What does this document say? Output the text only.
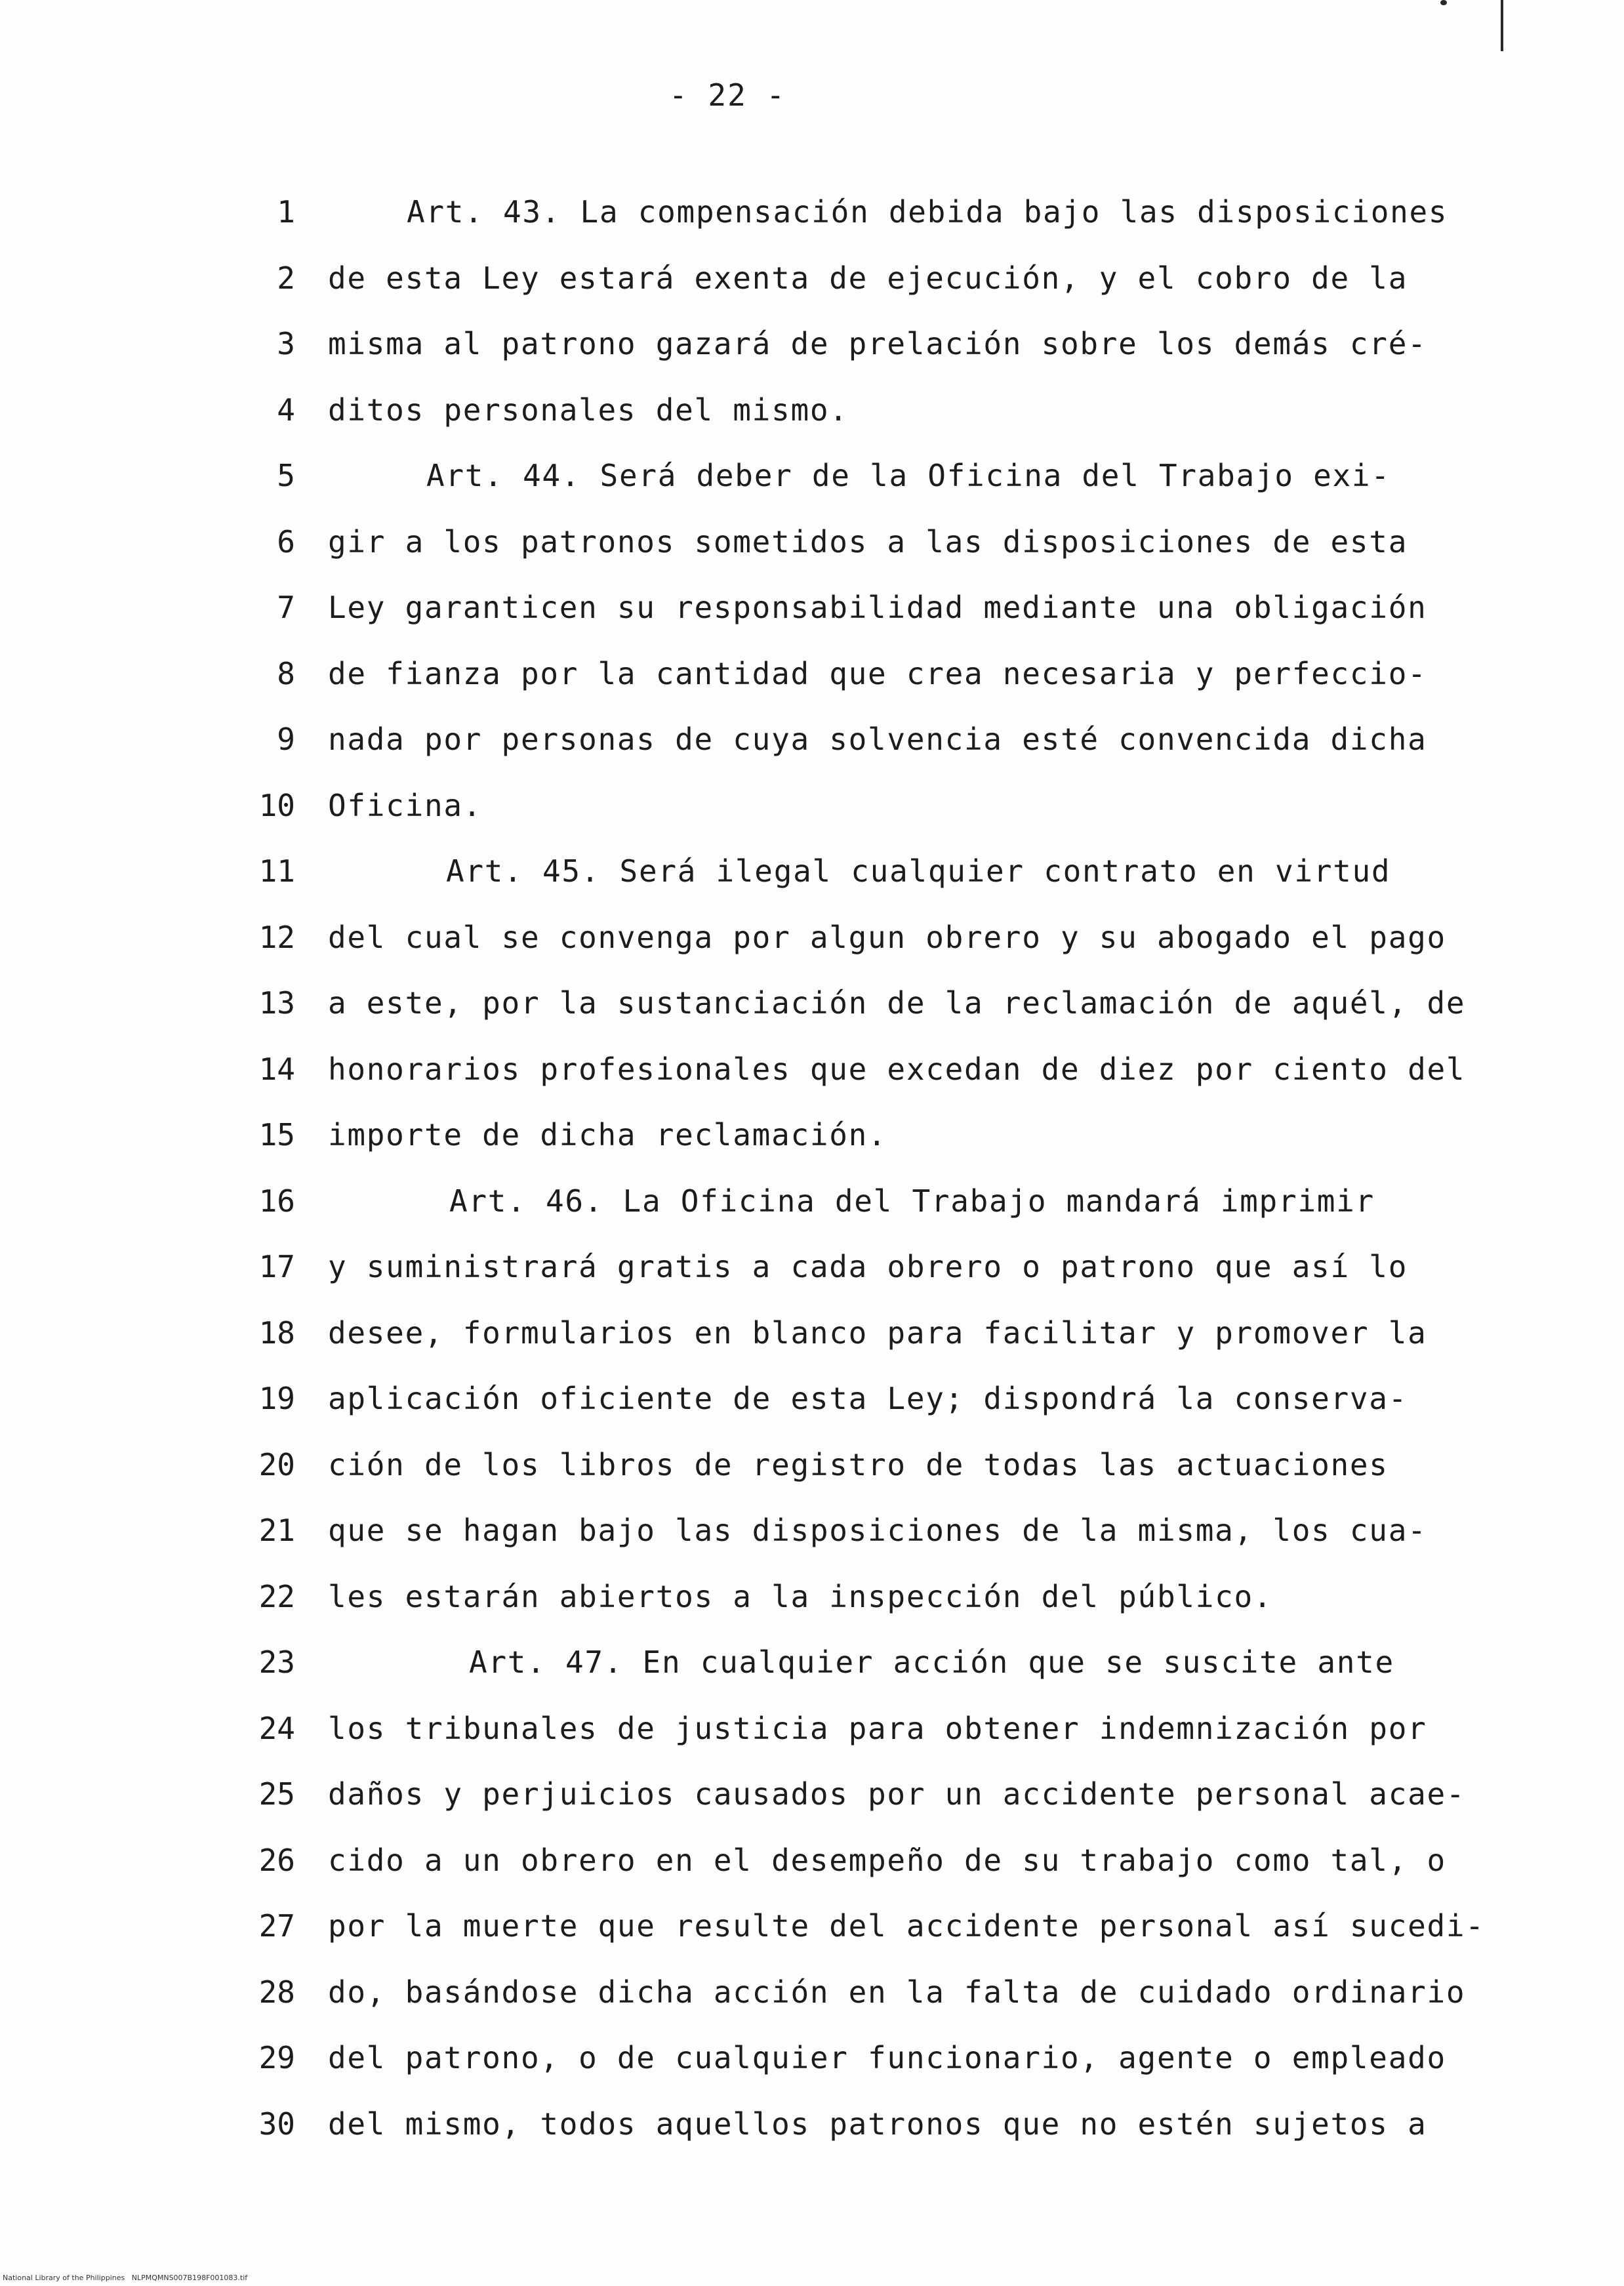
- 22 -
1	Art. 43. La compensación debida bajo las disposiciones
2 de esta Ley estará exenta de ejecución, y el cobro de la
3 misma al patrono gazará de prelación sobre los demás cré-
4 ditos personales del mismo.
5	Art. 44. Será deber de la Oficina del Trabajo exi-
6 gir a los patronos sometidos a las disposiciones de esta
7 Ley garanticen su responsabilidad mediante una obligación
8 de fianza por la cantidad que crea necesaria y perfeccio-
9 nada por personas de cuya solvencia esté convencida dicha
10 Oficina.
11	Art. 45. Será ilegal cualquier contrato en virtud
12 del cual se convenga por algun obrero y su abogado el pago
13 a este, por la sustanciación de la reclamación de aquél, de
14 honorarios profesionales que excedan de diez por ciento del
15 importe de dicha reclamación.
16	Art. 46. La Oficina del Trabajo mandará imprimir
17 y suministrará gratis a cada obrero o patrono que así lo
18 desee, formularios en blanco para facilitar y promover la
19 aplicación oficiente de esta Ley; dispondrá la conserva-
20 ción de los libros de registro de todas las actuaciones
21 que se hagan bajo las disposiciones de la misma, los cua-
22 les estarán abiertos a la inspección del público.
23	Art. 47. En cualquier acción que se suscite ante
24 los tribunales de justicia para obtener indemnización por
25 daños y perjuicios causados por un accidente personal acae-
26 cido a un obrero en el desempeño de su trabajo como tal, o
27 por la muerte que resulte del accidente personal así sucedi-
28 do, basándose dicha acción en la falta de cuidado ordinario
29 del patrono, o de cualquier funcionario, agente o empleado
30 del mismo, todos aquellos patronos que no estén sujetos a
National Library of the Philippines NLPMQMNS007B198F001083.tif
